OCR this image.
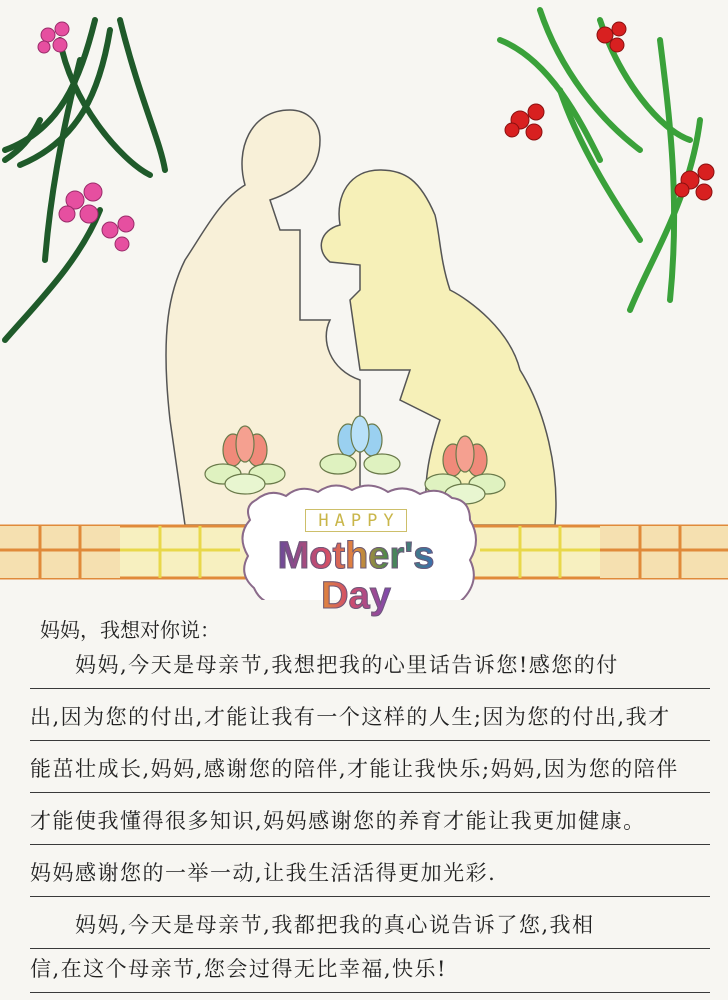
HAPPY
妈妈，我想对你说：
　　妈妈,今天是母亲节,我想把我的心里话告诉您!感您的付
出,因为您的付出,才能让我有一个这样的人生;因为您的付出,我才
能茁壮成长,妈妈,感谢您的陪伴,才能让我快乐;妈妈,因为您的陪伴
才能使我懂得很多知识,妈妈感谢您的养育才能让我更加健康。
妈妈感谢您的一举一动,让我生活活得更加光彩.
　　妈妈,今天是母亲节,我都把我的真心说告诉了您,我相
信,在这个母亲节,您会过得无比幸福,快乐!
